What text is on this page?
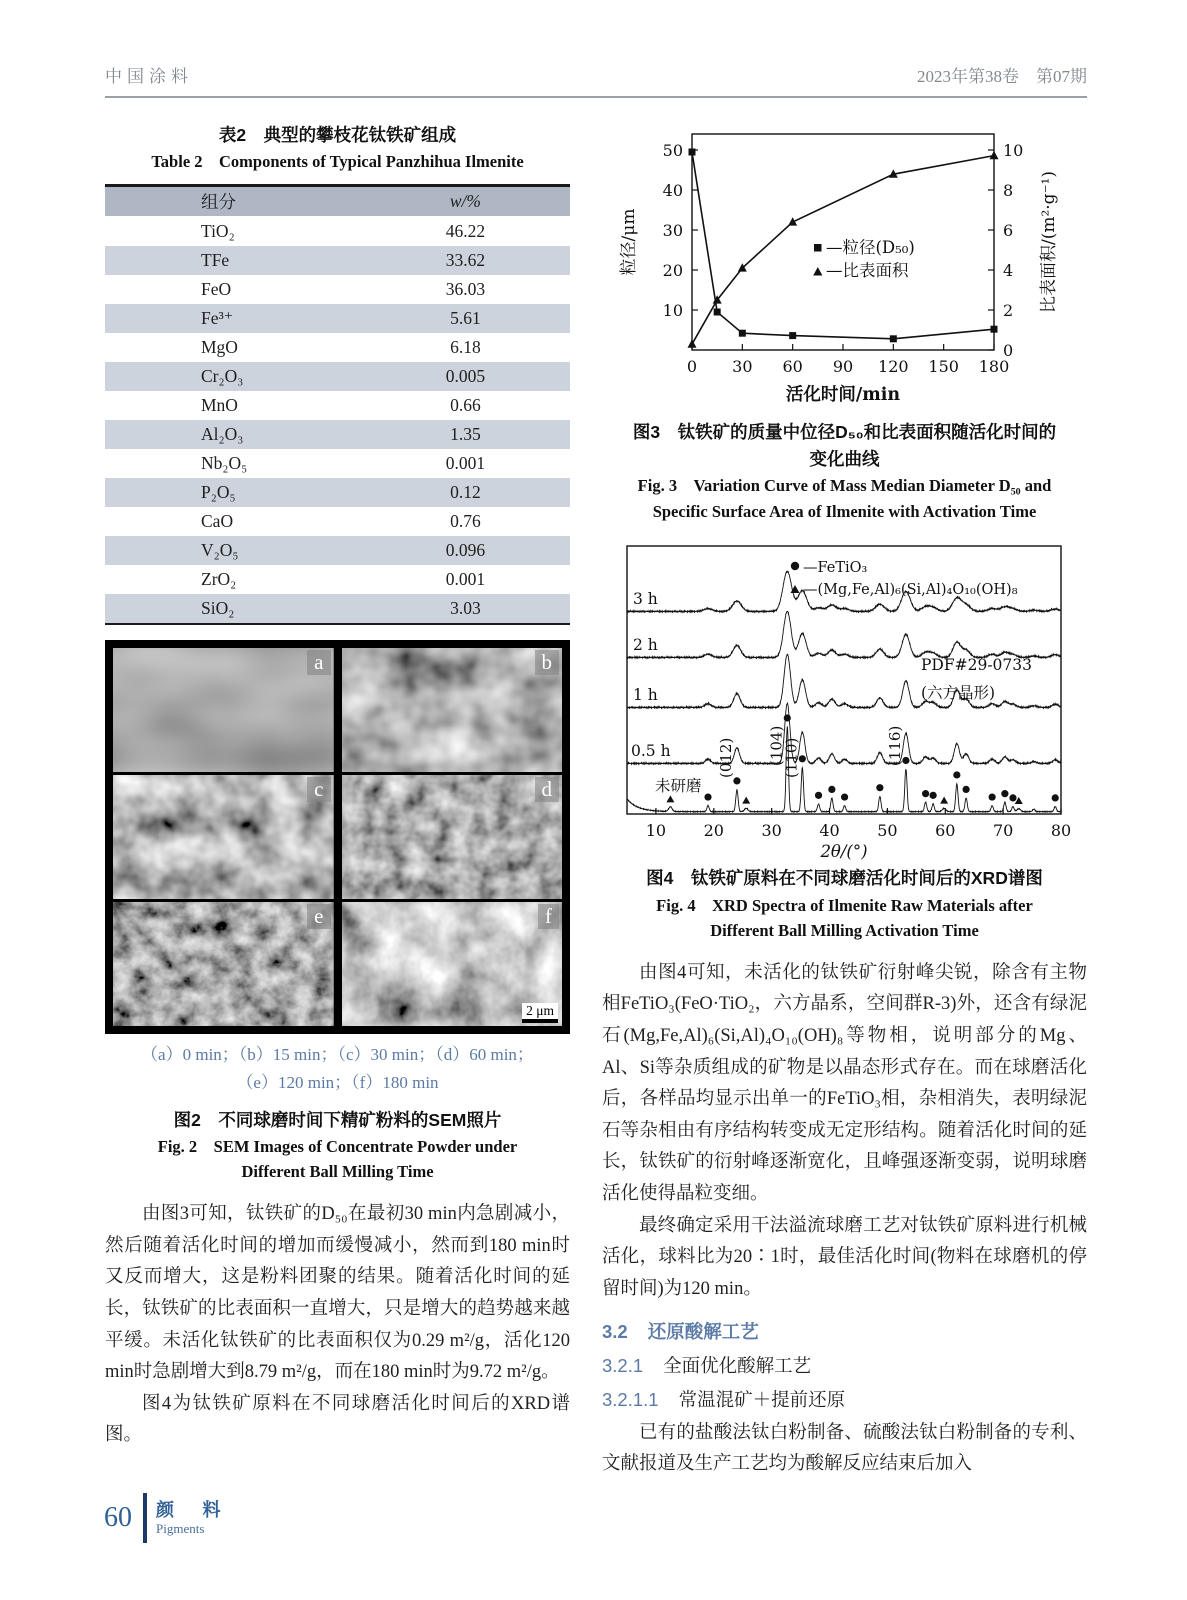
中国涂料	2023年第38卷　第07期
表2　典型的攀枝花钛铁矿组成
Table 2　Components of Typical Panzhihua Ilmenite
组分	w/%
TiO₂	46.22
TFe	33.62
FeO	36.03
Fe³⁺	5.61
MgO	6.18
Cr₂O₃	0.005
MnO	0.66
Al₂O₃	1.35
Nb₂O₅	0.001
P₂O₅	0.12
CaO	0.76
V₂O₅	0.096
ZrO₂	0.001
SiO₂	3.03
a	b
c	d
e	f
2 μm
（a）0 min；（b）15 min；（c）30 min；（d）60 min；
（e）120 min；（f）180 min
图2　不同球磨时间下精矿粉料的SEM照片
Fig. 2　SEM Images of Concentrate Powder under
Different Ball Milling Time

由图3可知，钛铁矿的D₅₀在最初30 min内急剧减小，然后随着活化时间的增加而缓慢减小，然而到180 min时又反而增大，这是粉料团聚的结果。随着活化时间的延长，钛铁矿的比表面积一直增大，只是增大的趋势越来越平缓。未活化钛铁矿的比表面积仅为0.29 m²/g，活化120 min时急剧增大到8.79 m²/g，而在180 min时为9.72 m²/g。

图4为钛铁矿原料在不同球磨活化时间后的XRD谱图。

0 30 60 90 120 150 180
10
20
30
40
50
0
2
4
6
8
10
—粒径(D₅₀)
—比表面积
活化时间/min
粒径/μm	比表面积/(m²·g⁻¹)
图3　钛铁矿的质量中位径D₅₀和比表面积随活化时间的
变化曲线
Fig. 3　Variation Curve of Mass Median Diameter D₅₀ and
Specific Surface Area of Ilmenite with Activation Time
10 20 30 40 50 60 70 80
2θ/(°)
3 h
2 h
1 h
0.5 h
未研磨
—FeTiO₃
—(Mg,Fe,Al)₆(Si,Al)₄O₁₀(OH)₈
(012) (104)
(110)	(116)
PDF#29-0733
(六方晶形)
图4　钛铁矿原料在不同球磨活化时间后的XRD谱图
Fig. 4　XRD Spectra of Ilmenite Raw Materials after
Different Ball Milling Activation Time

由图4可知，未活化的钛铁矿衍射峰尖锐，除含有主物相FeTiO₃(FeO·TiO₂，六方晶系，空间群R-3)外，还含有绿泥石(Mg,Fe,Al)₆(Si,Al)₄O₁₀(OH)₈等物相，说明部分的Mg、Al、Si等杂质组成的矿物是以晶态形式存在。而在球磨活化后，各样品均显示出单一的FeTiO₃相，杂相消失，表明绿泥石等杂相由有序结构转变成无定形结构。随着活化时间的延长，钛铁矿的衍射峰逐渐宽化，且峰强逐渐变弱，说明球磨活化使得晶粒变细。

最终确定采用干法溢流球磨工艺对钛铁矿原料进行机械活化，球料比为20∶1时，最佳活化时间(物料在球磨机的停留时间)为120 min。

3.2 还原酸解工艺
3.2.1 全面优化酸解工艺
3.2.1.1 常温混矿＋提前还原

已有的盐酸法钛白粉制备、硫酸法钛白粉制备的专利、文献报道及生产工艺均为酸解反应结束后加入

60 颜 料
Pigments
